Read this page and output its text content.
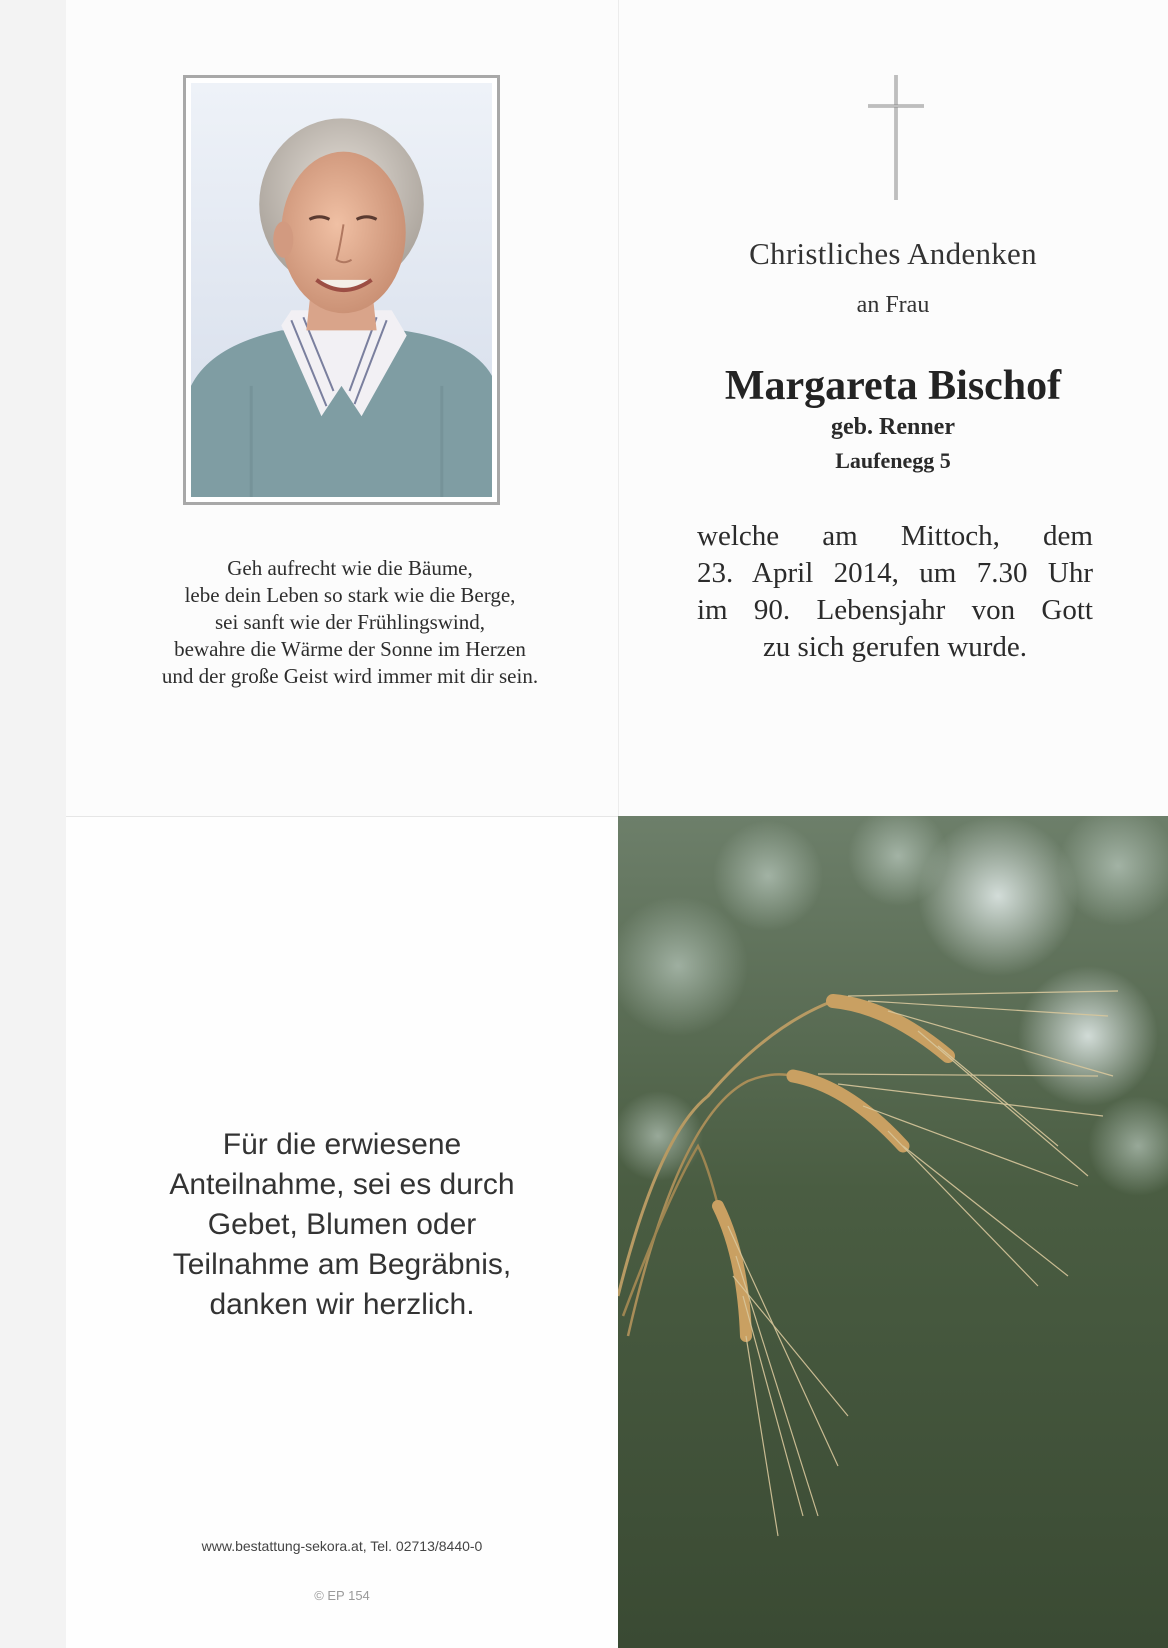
Geh aufrecht wie die Bäume,
lebe dein Leben so stark wie die Berge,
sei sanft wie der Frühlingswind,
bewahre die Wärme der Sonne im Herzen
und der große Geist wird immer mit dir sein.
Christliches Andenken
an Frau
Margareta Bischof
geb. Renner
Laufenegg 5
welche am Mittoch, dem
23. April 2014, um 7.30 Uhr
im 90. Lebensjahr von Gott
zu sich gerufen wurde.
Für die erwiesene
Anteilnahme, sei es durch
Gebet, Blumen oder
Teilnahme am Begräbnis,
danken wir herzlich.
www.bestattung-sekora.at, Tel. 02713/8440-0
© EP 154
